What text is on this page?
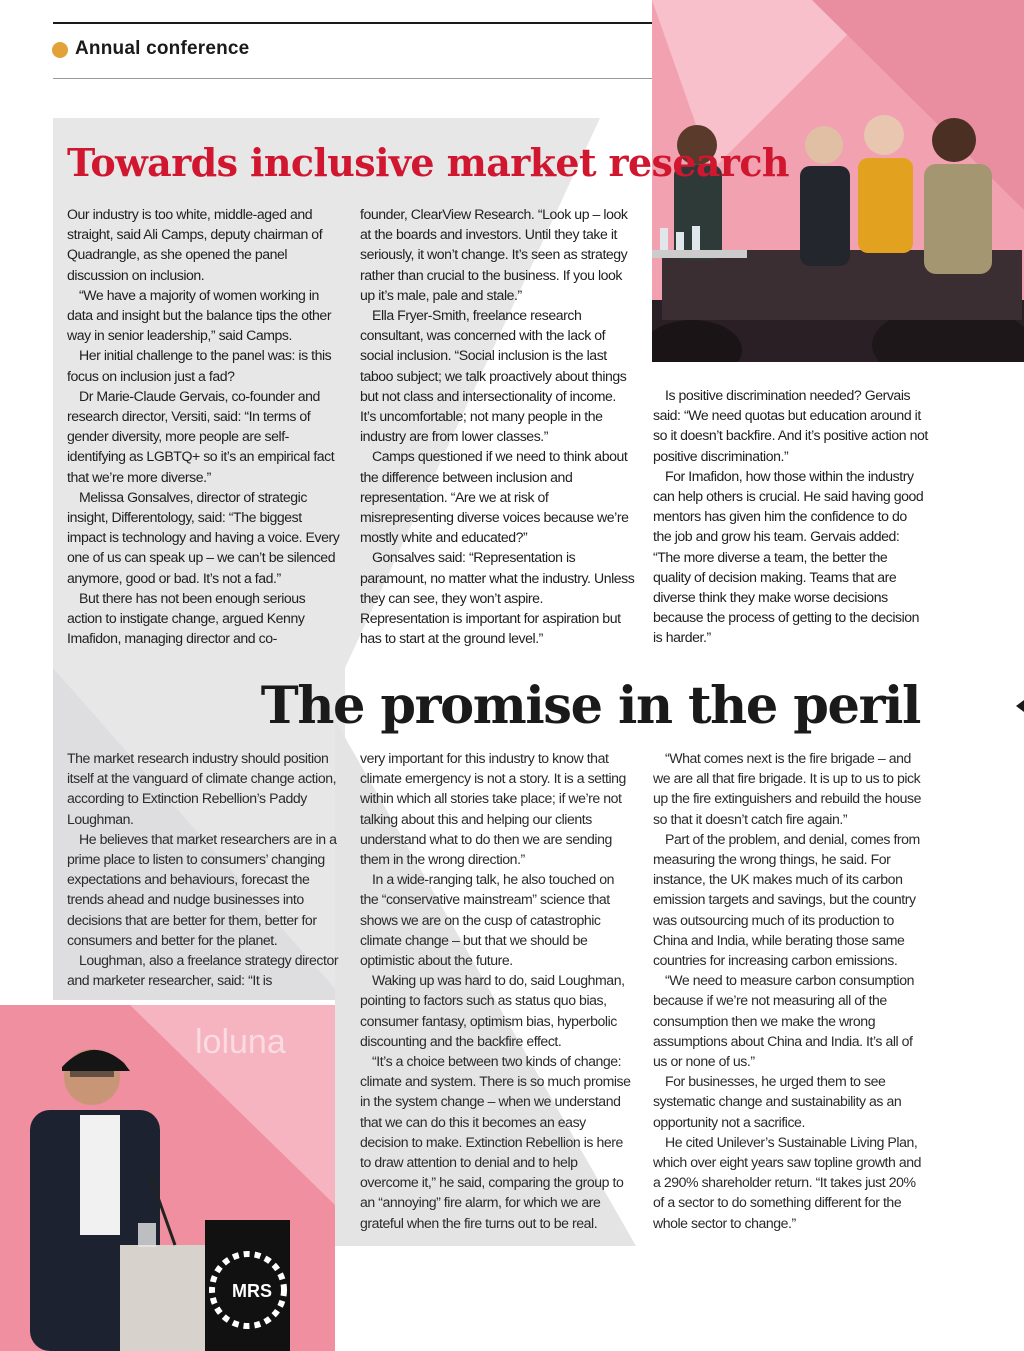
Annual conference
Towards inclusive market research

Our industry is too white, middle-aged and straight, said Ali Camps, deputy chairman of Quadrangle, as she opened the panel discussion on inclusion.

“We have a majority of women working in data and insight but the balance tips the other way in senior leadership,” said Camps.

Her initial challenge to the panel was: is this focus on inclusion just a fad?

Dr Marie-Claude Gervais, co-founder and research director, Versiti, said: “In terms of gender diversity, more people are self-identifying as LGBTQ+ so it’s an empirical fact that we’re more diverse.”

Melissa Gonsalves, director of strategic insight, Differentology, said: “The biggest impact is technology and having a voice. Every one of us can speak up – we can’t be silenced anymore, good or bad. It’s not a fad.”

But there has not been enough serious action to instigate change, argued Kenny Imafidon, managing director and co-

founder, ClearView Research. “Look up – look at the boards and investors. Until they take it seriously, it won’t change. It’s seen as strategy rather than crucial to the business. If you look up it’s male, pale and stale.”

Ella Fryer-Smith, freelance research consultant, was concerned with the lack of social inclusion. “Social inclusion is the last taboo subject; we talk proactively about things but not class and intersectionality of income. It’s uncomfortable; not many people in the industry are from lower classes.”

Camps questioned if we need to think about the difference between inclusion and representation. “Are we at risk of misrepresenting diverse voices because we’re mostly white and educated?”

Gonsalves said: “Representation is paramount, no matter what the industry. Unless they can see, they won’t aspire. Representation is important for aspiration but has to start at the ground level.”

Is positive discrimination needed? Gervais said: “We need quotas but education around it so it doesn’t backfire. And it’s positive action not positive discrimination.”

For Imafidon, how those within the industry can help others is crucial. He said having good mentors has given him the confidence to do the job and grow his team. Gervais added: “The more diverse a team, the better the quality of decision making. Teams that are diverse think they make worse decisions because the process of getting to the decision is harder.”

The promise in the peril

The market research industry should position itself at the vanguard of climate change action, according to Extinction Rebellion’s Paddy Loughman.

He believes that market researchers are in a prime place to listen to consumers’ changing expectations and behaviours, forecast the trends ahead and nudge businesses into decisions that are better for them, better for consumers and better for the planet.

Loughman, also a freelance strategy director and marketer researcher, said: “It is

very important for this industry to know that climate emergency is not a story. It is a setting within which all stories take place; if we’re not talking about this and helping our clients understand what to do then we are sending them in the wrong direction.”

In a wide-ranging talk, he also touched on the “conservative mainstream” science that shows we are on the cusp of catastrophic climate change – but that we should be optimistic about the future.

Waking up was hard to do, said Loughman, pointing to factors such as status quo bias, consumer fantasy, optimism bias, hyperbolic discounting and the backfire effect.

“It’s a choice between two kinds of change: climate and system. There is so much promise in the system change – when we understand that we can do this it becomes an easy decision to make. Extinction Rebellion is here to draw attention to denial and to help overcome it,” he said, comparing the group to an “annoying” fire alarm, for which we are grateful when the fire turns out to be real.

“What comes next is the fire brigade – and we are all that fire brigade. It is up to us to pick up the fire extinguishers and rebuild the house so that it doesn’t catch fire again.”

Part of the problem, and denial, comes from measuring the wrong things, he said. For instance, the UK makes much of its carbon emission targets and savings, but the country was outsourcing much of its production to China and India, while berating those same countries for increasing carbon emissions.

“We need to measure carbon consumption because if we’re not measuring all of the consumption then we make the wrong assumptions about China and India. It’s all of us or none of us.”

For businesses, he urged them to see systematic change and sustainability as an opportunity not a sacrifice.

He cited Unilever’s Sustainable Living Plan, which over eight years saw topline growth and a 290% shareholder return. “It takes just 20% of a sector to do something different for the whole sector to change.”

loluna
MRS
